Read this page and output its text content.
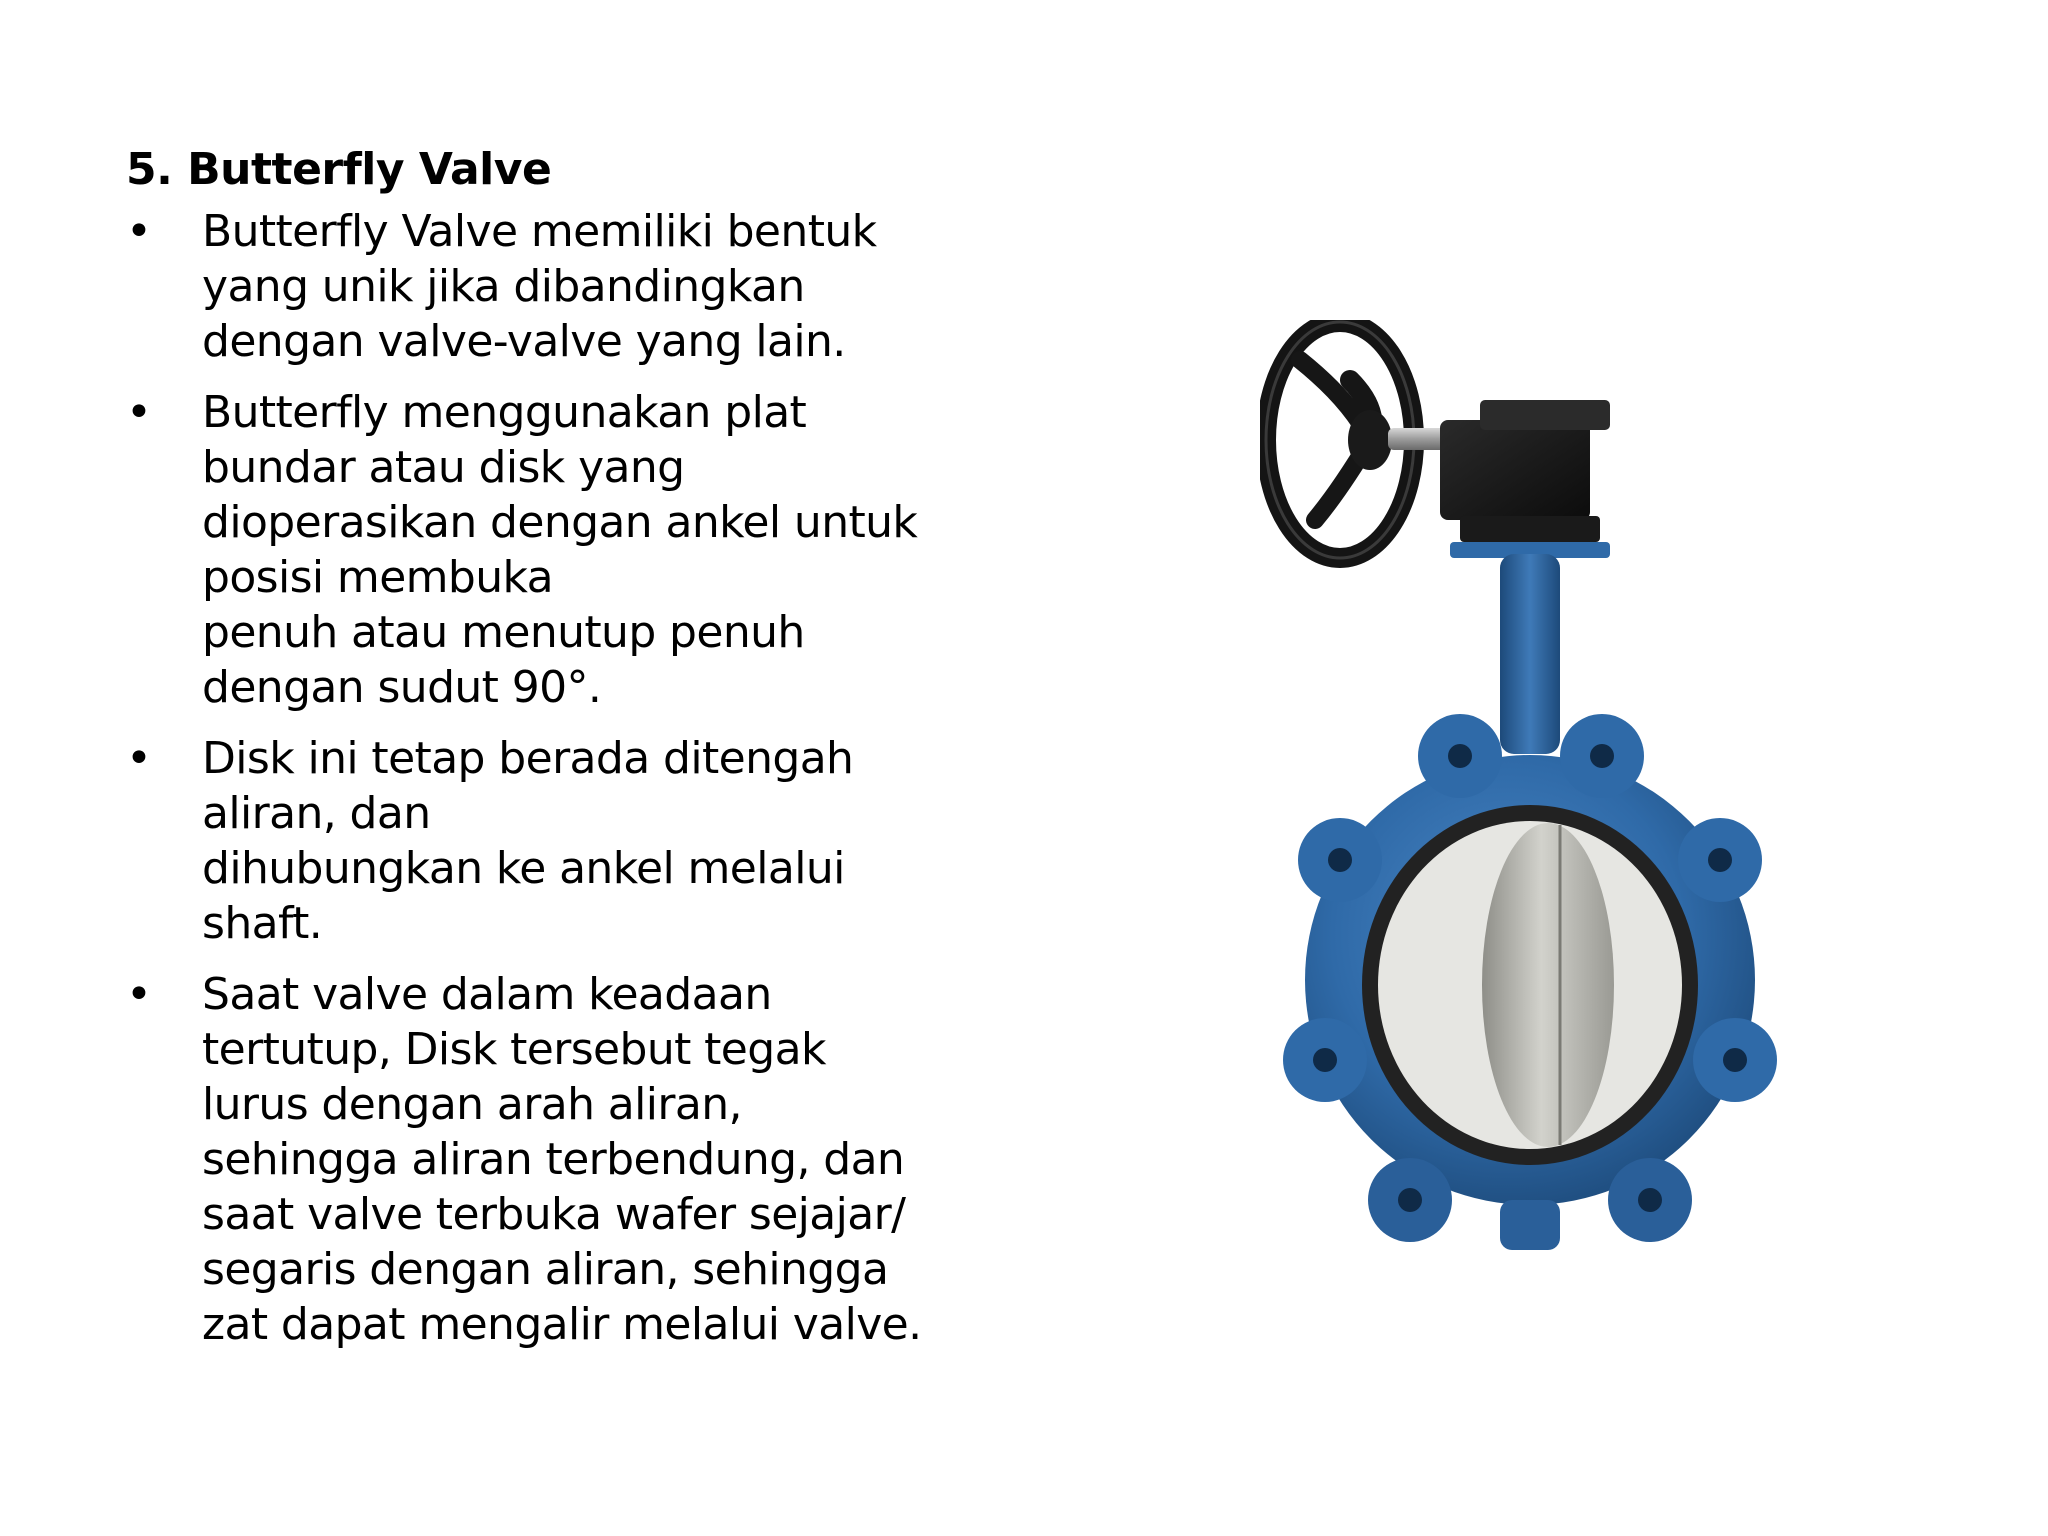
5. Butterfly Valve
• Butterfly Valve memiliki bentuk
yang unik jika dibandingkan
dengan valve-valve yang lain.
• Butterfly menggunakan plat
bundar atau disk yang
dioperasikan dengan ankel untuk
posisi membuka
penuh atau menutup penuh
dengan sudut 90°.
• Disk ini tetap berada ditengah
aliran, dan
dihubungkan ke ankel melalui
shaft.
• Saat valve dalam keadaan
tertutup, Disk tersebut tegak
lurus dengan arah aliran,
sehingga aliran terbendung, dan
saat valve terbuka wafer sejajar/
segaris dengan aliran, sehingga
zat dapat mengalir melalui valve.
